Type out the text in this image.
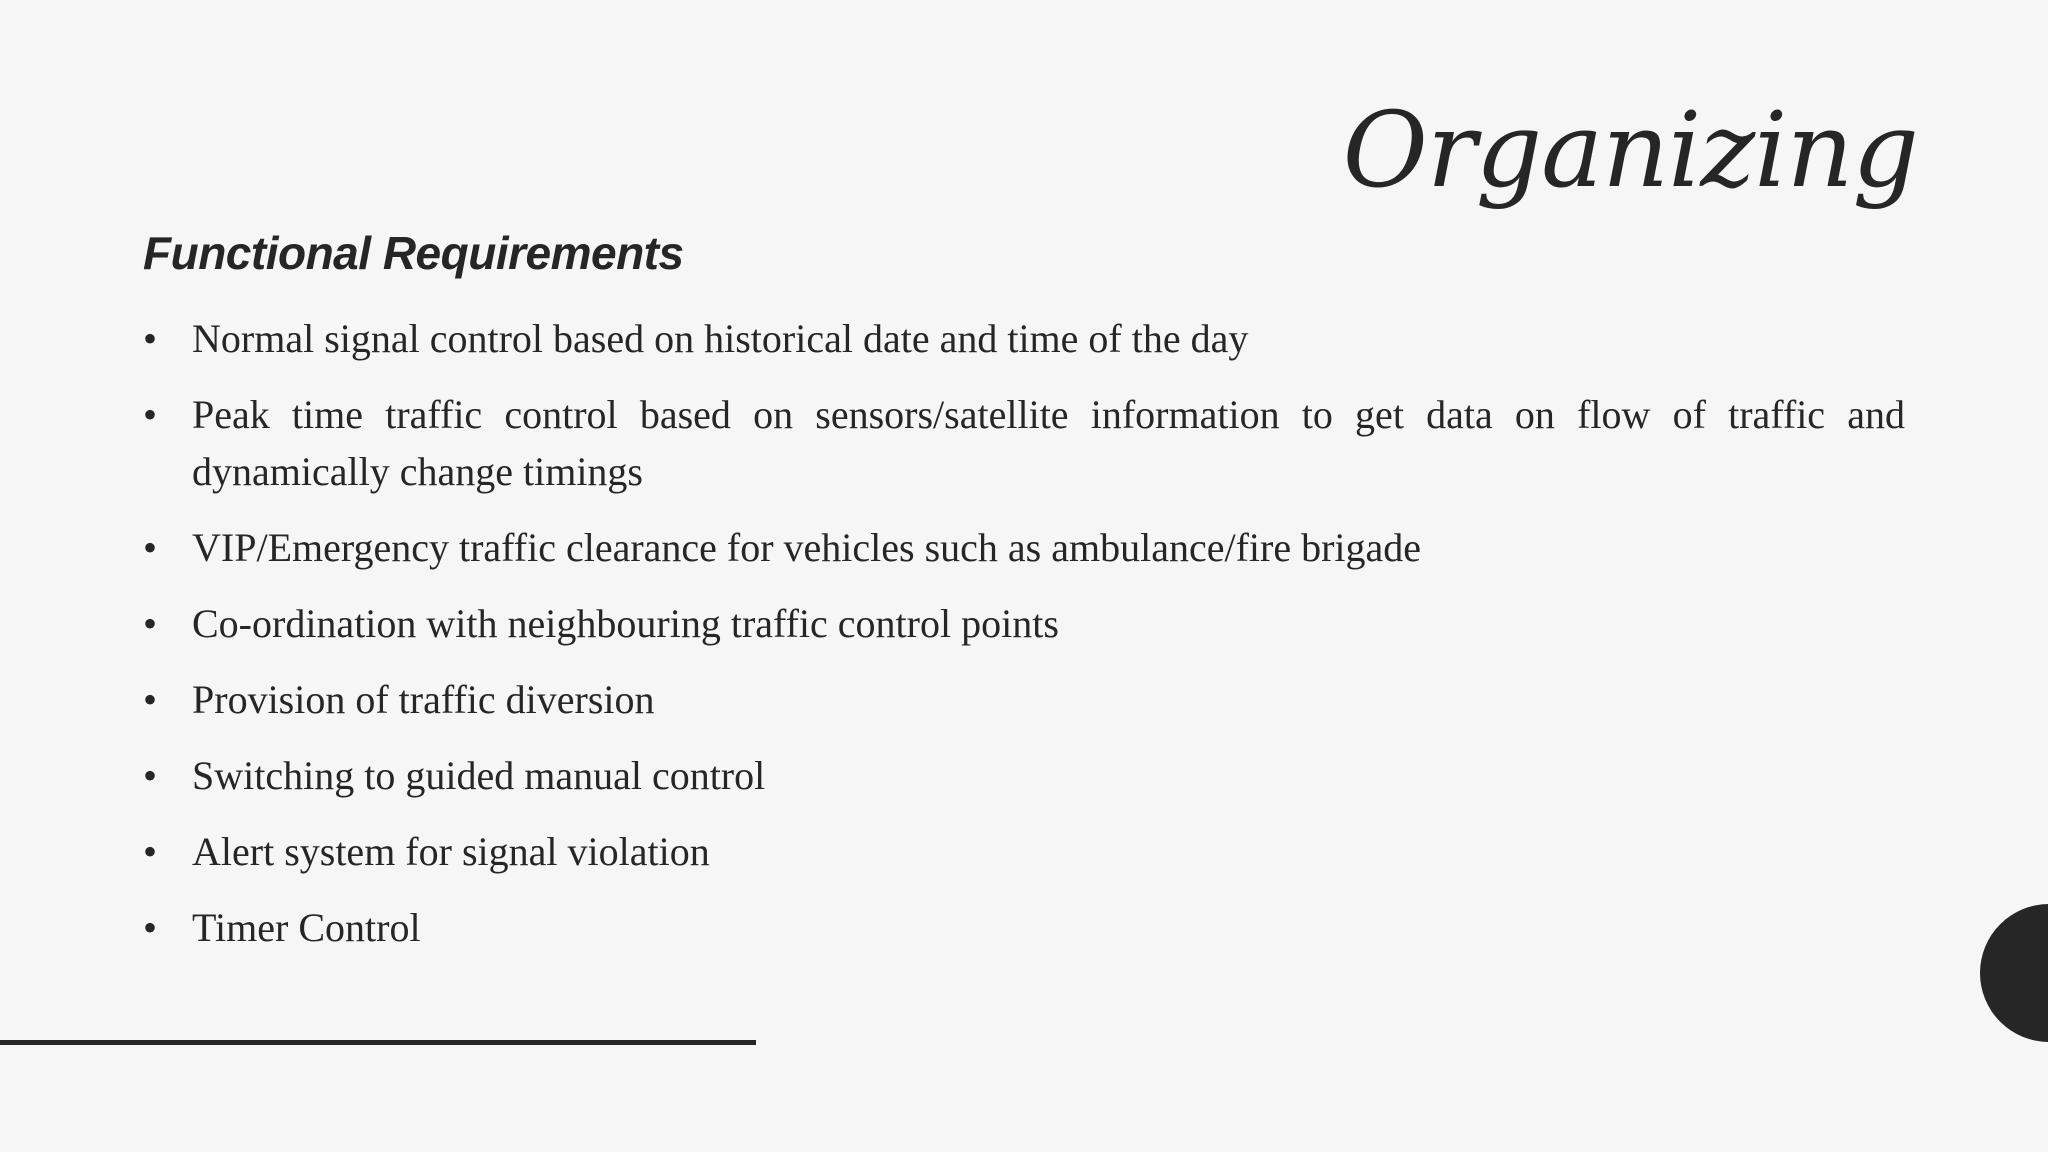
Organizing
Functional Requirements
• Normal signal control based on historical date and time of the day
• Peak time traffic control based on sensors/satellite information to get data on flow of traffic and dynamically change timings
• VIP/Emergency traffic clearance for vehicles such as ambulance/fire brigade
• Co-ordination with neighbouring traffic control points
• Provision of traffic diversion
• Switching to guided manual control
• Alert system for signal violation
• Timer Control
